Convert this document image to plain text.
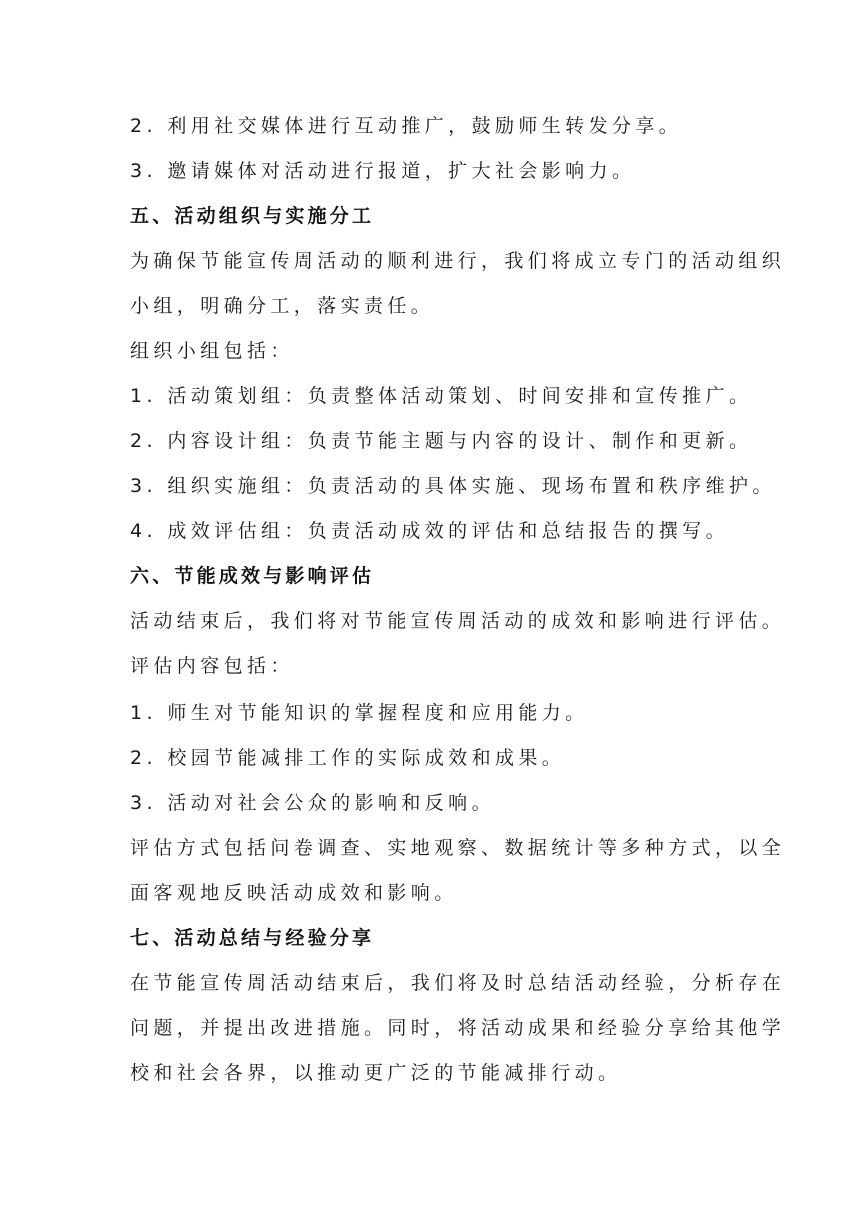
2. 利用社交媒体进行互动推广，鼓励师生转发分享。
3. 邀请媒体对活动进行报道，扩大社会影响力。
五、活动组织与实施分工
为确保节能宣传周活动的顺利进行，我们将成立专门的活动组织
小组，明确分工，落实责任。
组织小组包括：
1. 活动策划组：负责整体活动策划、时间安排和宣传推广。
2. 内容设计组：负责节能主题与内容的设计、制作和更新。
3. 组织实施组：负责活动的具体实施、现场布置和秩序维护。
4. 成效评估组：负责活动成效的评估和总结报告的撰写。
六、节能成效与影响评估
活动结束后，我们将对节能宣传周活动的成效和影响进行评估。
评估内容包括：
1. 师生对节能知识的掌握程度和应用能力。
2. 校园节能减排工作的实际成效和成果。
3. 活动对社会公众的影响和反响。
评估方式包括问卷调查、实地观察、数据统计等多种方式，以全
面客观地反映活动成效和影响。
七、活动总结与经验分享
在节能宣传周活动结束后，我们将及时总结活动经验，分析存在
问题，并提出改进措施。同时，将活动成果和经验分享给其他学
校和社会各界，以推动更广泛的节能减排行动。
